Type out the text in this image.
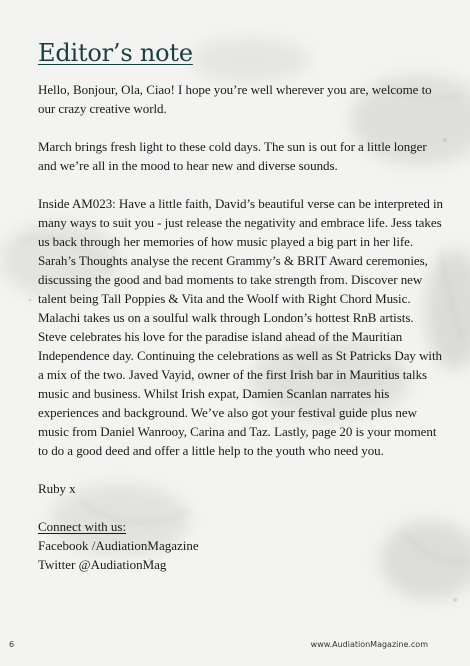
Editor’s note

Hello, Bonjour, Ola, Ciao! I hope you’re well wherever you are, welcome to our crazy creative world.

March brings fresh light to these cold days. The sun is out for a little longer and we’re all in the mood to hear new and diverse sounds.

Inside AM023: Have a little faith, David’s beautiful verse can be interpreted in many ways to suit you - just release the negativity and embrace life. Jess takes us back through her memories of how music played a big part in her life. Sarah’s Thoughts analyse the recent Grammy’s & BRIT Award ceremonies, discussing the good and bad moments to take strength from. Discover new talent being Tall Poppies & Vita and the Woolf with Right Chord Music. Malachi takes us on a soulful walk through London’s hottest RnB artists. Steve celebrates his love for the paradise island ahead of the Mauritian Independence day. Continuing the celebrations as well as St Patricks Day with a mix of the two. Javed Vayid, owner of the first Irish bar in Mauritius talks music and business. Whilst Irish expat, Damien Scanlan narrates his experiences and background. We’ve also got your festival guide plus new music from Daniel Wanrooy, Carina and Taz. Lastly, page 20 is your moment to do a good deed and offer a little help to the youth who need you.

Ruby x

Connect with us:
Facebook /AudiationMagazine
Twitter @AudiationMag
6	www.AudiationMagazine.com
